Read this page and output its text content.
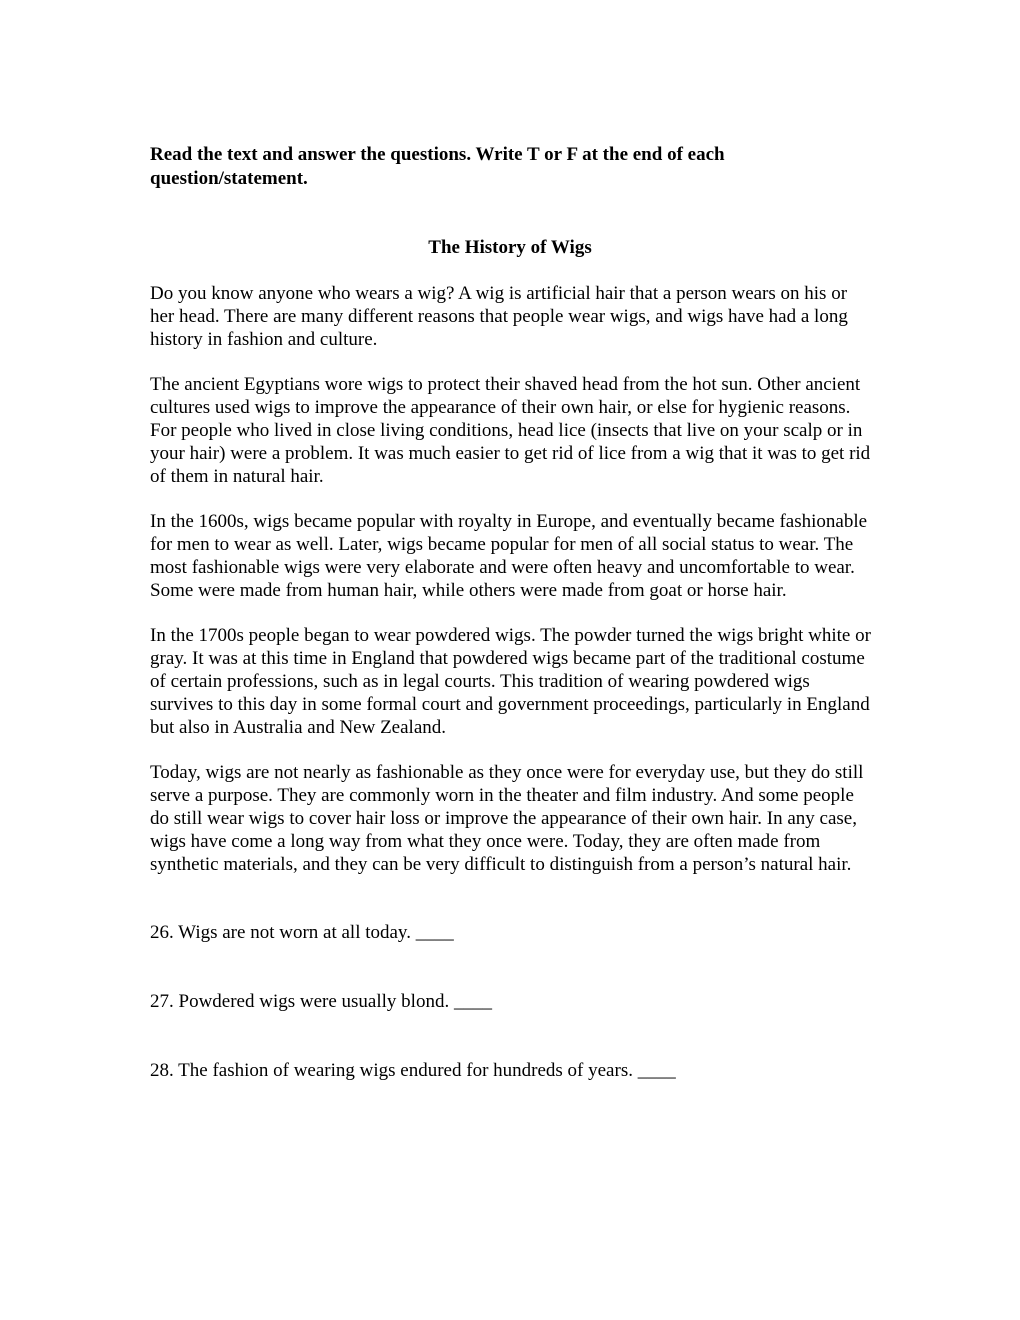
Read the text and answer the questions. Write T or F at the end of each question/statement.

The History of Wigs

Do you know anyone who wears a wig? A wig is artificial hair that a person wears on his or her head. There are many different reasons that people wear wigs, and wigs have had a long history in fashion and culture.

The ancient Egyptians wore wigs to protect their shaved head from the hot sun. Other ancient cultures used wigs to improve the appearance of their own hair, or else for hygienic reasons. For people who lived in close living conditions, head lice (insects that live on your scalp or in your hair) were a problem. It was much easier to get rid of lice from a wig that it was to get rid of them in natural hair.

In the 1600s, wigs became popular with royalty in Europe, and eventually became fashionable for men to wear as well. Later, wigs became popular for men of all social status to wear. The most fashionable wigs were very elaborate and were often heavy and uncomfortable to wear. Some were made from human hair, while others were made from goat or horse hair.

In the 1700s people began to wear powdered wigs. The powder turned the wigs bright white or gray. It was at this time in England that powdered wigs became part of the traditional costume of certain professions, such as in legal courts. This tradition of wearing powdered wigs survives to this day in some formal court and government proceedings, particularly in England but also in Australia and New Zealand.

Today, wigs are not nearly as fashionable as they once were for everyday use, but they do still serve a purpose. They are commonly worn in the theater and film industry. And some people do still wear wigs to cover hair loss or improve the appearance of their own hair. In any case, wigs have come a long way from what they once were. Today, they are often made from synthetic materials, and they can be very difficult to distinguish from a person’s natural hair.

26. Wigs are not worn at all today. ____

27. Powdered wigs were usually blond. ____

28. The fashion of wearing wigs endured for hundreds of years. ____
